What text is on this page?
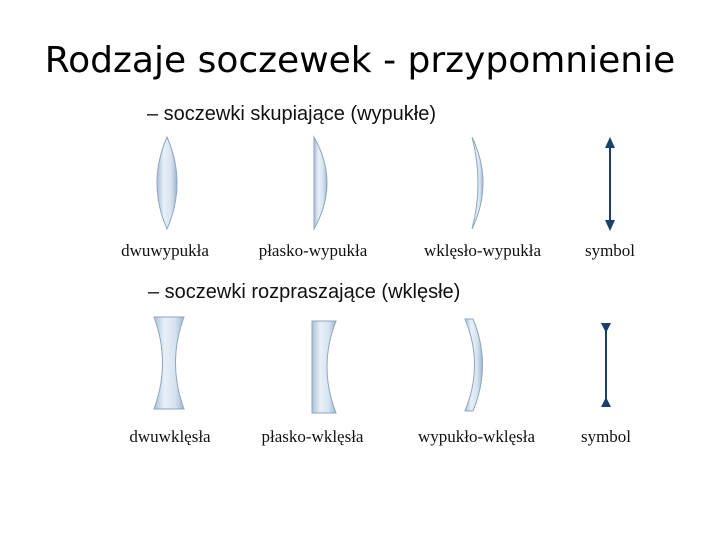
Rodzaje soczewek - przypomnienie
– soczewki skupiające (wypukłe)
dwuwypukła	płasko-wypukła	wklęsło-wypukła	symbol
– soczewki rozpraszające (wklęsłe)
dwuwklęsła	płasko-wklęsła	wypukło-wklęsła	symbol
